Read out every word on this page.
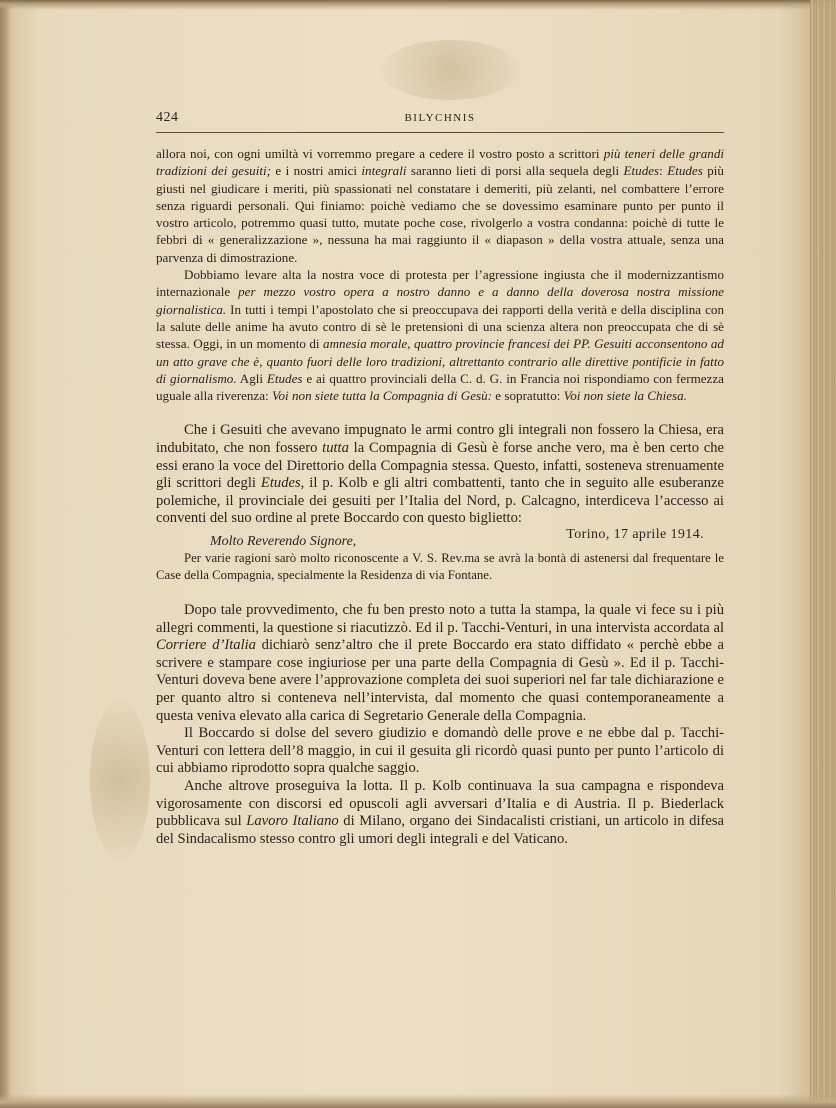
424	BILYCHNIS

allora noi, con ogni umiltà vi vorremmo pregare a cedere il vostro posto a scrittori più teneri delle grandi tradizioni dei gesuiti; e i nostri amici integrali saranno lieti di porsi alla sequela degli Etudes: Etudes più giusti nel giudicare i meriti, più spassionati nel constatare i demeriti, più zelanti, nel combattere l’errore senza riguardi personali. Qui finiamo: poichè vediamo che se dovessimo esaminare punto per punto il vostro articolo, potremmo quasi tutto, mutate poche cose, rivolgerlo a vostra condanna: poichè di tutte le febbri di « generalizzazione », nessuna ha mai raggiunto il « diapason » della vostra attuale, senza una parvenza di dimostrazione.

Dobbiamo levare alta la nostra voce di protesta per l’agressione ingiusta che il modernizzantismo internazionale per mezzo vostro opera a nostro danno e a danno della doverosa nostra missione giornalistica. In tutti i tempi l’apostolato che si preoccupava dei rapporti della verità e della disciplina con la salute delle anime ha avuto contro di sè le pretensioni di una scienza altera non preoccupata che di sè stessa. Oggi, in un momento di amnesia morale, quattro provincie francesi dei PP. Gesuiti acconsentono ad un atto grave che è, quanto fuori delle loro tradizioni, altrettanto contrario alle direttive pontificie in fatto di giornalismo. Agli Etudes e ai quattro provinciali della C. d. G. in Francia noi rispondiamo con fermezza uguale alla riverenza: Voi non siete tutta la Compagnia di Gesù: e sopratutto: Voi non siete la Chiesa.

Che i Gesuiti che avevano impugnato le armi contro gli integrali non fossero la Chiesa, era indubitato, che non fossero tutta la Compagnia di Gesù è forse anche vero, ma è ben certo che essi erano la voce del Direttorio della Compagnia stessa. Questo, infatti, sosteneva strenuamente gli scrittori degli Etudes, il p. Kolb e gli altri combattenti, tanto che in seguito alle esuberanze polemiche, il provinciale dei gesuiti per l’Italia del Nord, p. Calcagno, interdiceva l’accesso ai conventi del suo ordine al prete Boccardo con questo biglietto:

Molto Reverendo Signore,	Torino, 17 aprile 1914.

Per varie ragioni sarò molto riconoscente a V. S. Rev.ma se avrà la bontà di astenersi dal frequentare le Case della Compagnia, specialmente la Residenza di via Fontane.

Dopo tale provvedimento, che fu ben presto noto a tutta la stampa, la quale vi fece su i più allegri commenti, la questione si riacutizzò. Ed il p. Tacchi-Venturi, in una intervista accordata al Corriere d’Italia dichiarò senz’altro che il prete Boccardo era stato diffidato « perchè ebbe a scrivere e stampare cose ingiuriose per una parte della Compagnia di Gesù ». Ed il p. Tacchi-Venturi doveva bene avere l’approvazione completa dei suoi superiori nel far tale dichiarazione e per quanto altro si conteneva nell’intervista, dal momento che quasi contemporaneamente a questa veniva elevato alla carica di Segretario Generale della Compagnia.

Il Boccardo si dolse del severo giudizio e domandò delle prove e ne ebbe dal p. Tacchi-Venturi con lettera dell’8 maggio, in cui il gesuita gli ricordò quasi punto per punto l’articolo di cui abbiamo riprodotto sopra qualche saggio.

Anche altrove proseguiva la lotta. Il p. Kolb continuava la sua campagna e rispondeva vigorosamente con discorsi ed opuscoli agli avversari d’Italia e di Austria. Il p. Biederlack pubblicava sul Lavoro Italiano di Milano, organo dei Sindacalisti cristiani, un articolo in difesa del Sindacalismo stesso contro gli umori degli integrali e del Vaticano.
